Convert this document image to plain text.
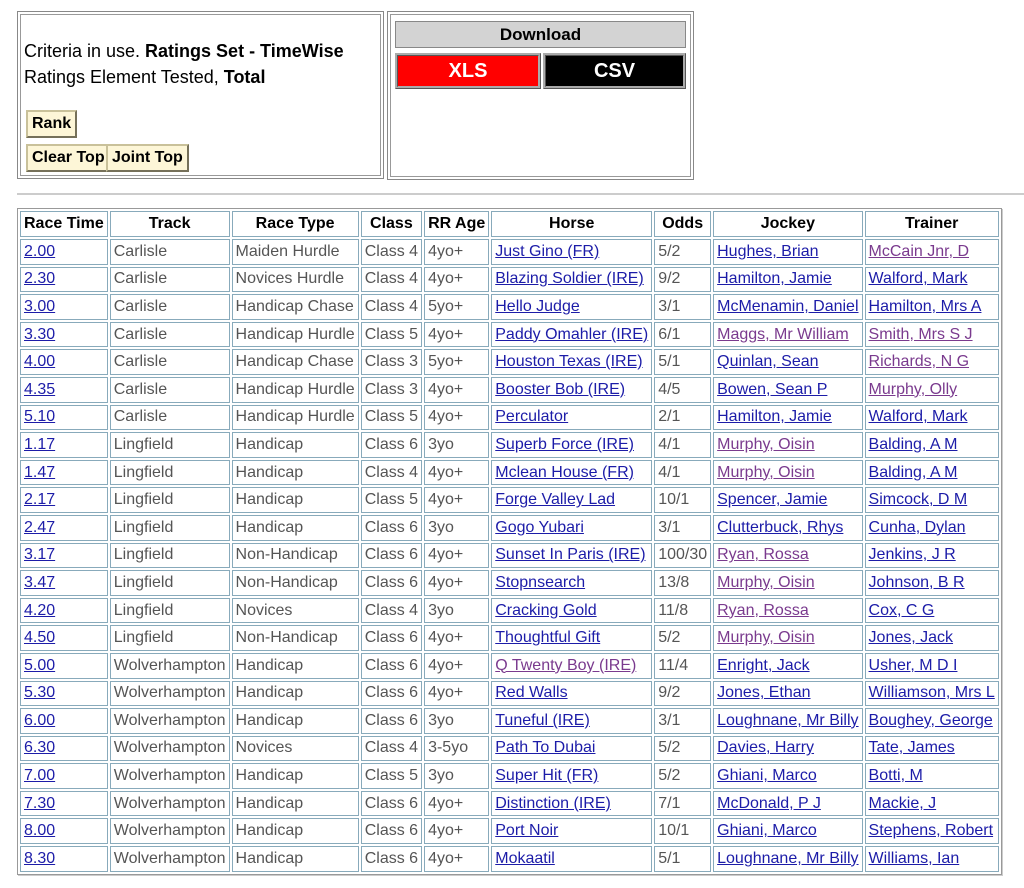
Criteria in use. Ratings Set - TimeWise
Ratings Element Tested, Total
Rank
Clear Top Joint Top
Download
XLS	CSV
Race Time	Track	Race Type	Class	RR Age	Horse	Odds	Jockey	Trainer
2.00	Carlisle	Maiden Hurdle	Class 4	4yo+	Just Gino (FR)	5/2	Hughes, Brian	McCain Jnr, D
2.30	Carlisle	Novices Hurdle	Class 4	4yo+	Blazing Soldier (IRE)	9/2	Hamilton, Jamie	Walford, Mark
3.00	Carlisle	Handicap Chase	Class 4	5yo+	Hello Judge	3/1	McMenamin, Daniel	Hamilton, Mrs A
3.30	Carlisle	Handicap Hurdle	Class 5	4yo+	Paddy Omahler (IRE)	6/1	Maggs, Mr William	Smith, Mrs S J
4.00	Carlisle	Handicap Chase	Class 3	5yo+	Houston Texas (IRE)	5/1	Quinlan, Sean	Richards, N G
4.35	Carlisle	Handicap Hurdle	Class 3	4yo+	Booster Bob (IRE)	4/5	Bowen, Sean P	Murphy, Olly
5.10	Carlisle	Handicap Hurdle	Class 5	4yo+	Perculator	2/1	Hamilton, Jamie	Walford, Mark
1.17	Lingfield	Handicap	Class 6	3yo	Superb Force (IRE)	4/1	Murphy, Oisin	Balding, A M
1.47	Lingfield	Handicap	Class 4	4yo+	Mclean House (FR)	4/1	Murphy, Oisin	Balding, A M
2.17	Lingfield	Handicap	Class 5	4yo+	Forge Valley Lad	10/1	Spencer, Jamie	Simcock, D M
2.47	Lingfield	Handicap	Class 6	3yo	Gogo Yubari	3/1	Clutterbuck, Rhys	Cunha, Dylan
3.17	Lingfield	Non-Handicap	Class 6	4yo+	Sunset In Paris (IRE)	100/30	Ryan, Rossa	Jenkins, J R
3.47	Lingfield	Non-Handicap	Class 6	4yo+	Stopnsearch	13/8	Murphy, Oisin	Johnson, B R
4.20	Lingfield	Novices	Class 4	3yo	Cracking Gold	11/8	Ryan, Rossa	Cox, C G
4.50	Lingfield	Non-Handicap	Class 6	4yo+	Thoughtful Gift	5/2	Murphy, Oisin	Jones, Jack
5.00	Wolverhampton	Handicap	Class 6	4yo+	Q Twenty Boy (IRE)	11/4	Enright, Jack	Usher, M D I
5.30	Wolverhampton	Handicap	Class 6	4yo+	Red Walls	9/2	Jones, Ethan	Williamson, Mrs L
6.00	Wolverhampton	Handicap	Class 6	3yo	Tuneful (IRE)	3/1	Loughnane, Mr Billy	Boughey, George
6.30	Wolverhampton	Novices	Class 4	3-5yo	Path To Dubai	5/2	Davies, Harry	Tate, James
7.00	Wolverhampton	Handicap	Class 5	3yo	Super Hit (FR)	5/2	Ghiani, Marco	Botti, M
7.30	Wolverhampton	Handicap	Class 6	4yo+	Distinction (IRE)	7/1	McDonald, P J	Mackie, J
8.00	Wolverhampton	Handicap	Class 6	4yo+	Port Noir	10/1	Ghiani, Marco	Stephens, Robert
8.30	Wolverhampton	Handicap	Class 6	4yo+	Mokaatil	5/1	Loughnane, Mr Billy	Williams, Ian
